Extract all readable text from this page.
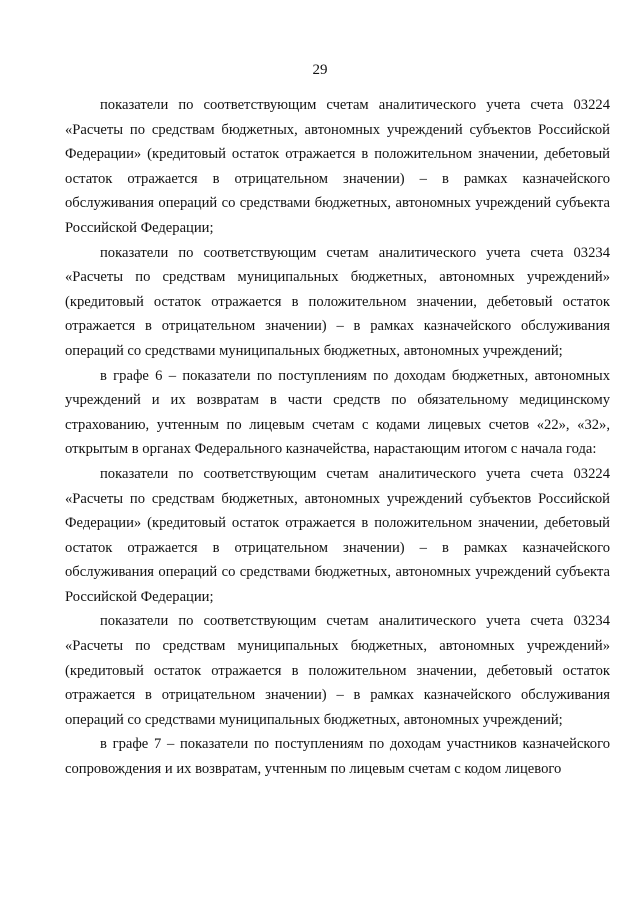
29

показатели по соответствующим счетам аналитического учета счета 03224 «Расчеты по средствам бюджетных, автономных учреждений субъектов Российской Федерации» (кредитовый остаток отражается в положительном значении, дебетовый остаток отражается в отрицательном значении) – в рамках казначейского обслуживания операций со средствами бюджетных, автономных учреждений субъекта Российской Федерации;

показатели по соответствующим счетам аналитического учета счета 03234 «Расчеты по средствам муниципальных бюджетных, автономных учреждений» (кредитовый остаток отражается в положительном значении, дебетовый остаток отражается в отрицательном значении) – в рамках казначейского обслуживания операций со средствами муниципальных бюджетных, автономных учреждений;

в графе 6 – показатели по поступлениям по доходам бюджетных, автономных учреждений и их возвратам в части средств по обязательному медицинскому страхованию, учтенным по лицевым счетам с кодами лицевых счетов «22», «32», открытым в органах Федерального казначейства, нарастающим итогом с начала года:

показатели по соответствующим счетам аналитического учета счета 03224 «Расчеты по средствам бюджетных, автономных учреждений субъектов Российской Федерации» (кредитовый остаток отражается в положительном значении, дебетовый остаток отражается в отрицательном значении) – в рамках казначейского обслуживания операций со средствами бюджетных, автономных учреждений субъекта Российской Федерации;

показатели по соответствующим счетам аналитического учета счета 03234 «Расчеты по средствам муниципальных бюджетных, автономных учреждений» (кредитовый остаток отражается в положительном значении, дебетовый остаток отражается в отрицательном значении) – в рамках казначейского обслуживания операций со средствами муниципальных бюджетных, автономных учреждений;

в графе 7 – показатели по поступлениям по доходам участников казначейского сопровождения и их возвратам, учтенным по лицевым счетам с кодом лицевого
